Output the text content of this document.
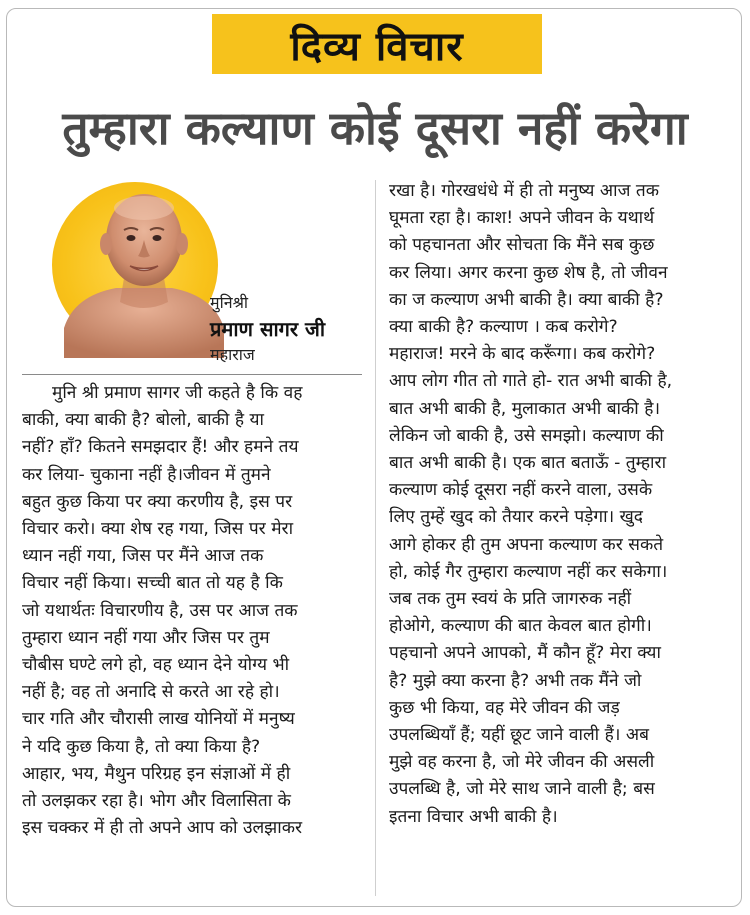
दिव्य विचार
तुम्हारा कल्याण कोई दूसरा नहीं करेगा
मुनिश्री
प्रमाण सागर जी
महाराज
मुनि श्री प्रमाण सागर जी कहते है कि वह
बाकी, क्या बाकी है? बोलो, बाकी है या
नहीं? हाँ? कितने समझदार हैं! और हमने तय
कर लिया- चुकाना नहीं है।जीवन में तुमने
बहुत कुछ किया पर क्या करणीय है, इस पर
विचार करो। क्या शेष रह गया, जिस पर मेरा
ध्यान नहीं गया, जिस पर मैंने आज तक
विचार नहीं किया। सच्ची बात तो यह है कि
जो यथार्थतः विचारणीय है, उस पर आज तक
तुम्हारा ध्यान नहीं गया और जिस पर तुम
चौबीस घण्टे लगे हो, वह ध्यान देने योग्य भी
नहीं है; वह तो अनादि से करते आ रहे हो।
चार गति और चौरासी लाख योनियों में मनुष्य
ने यदि कुछ किया है, तो क्या किया है?
आहार, भय, मैथुन परिग्रह इन संज्ञाओं में ही
तो उलझकर रहा है। भोग और विलासिता के
इस चक्कर में ही तो अपने आप को उलझाकर
रखा है। गोरखधंधे में ही तो मनुष्य आज तक
घूमता रहा है। काश! अपने जीवन के यथार्थ
को पहचानता और सोचता कि मैंने सब कुछ
कर लिया। अगर करना कुछ शेष है, तो जीवन
का ज कल्याण अभी बाकी है। क्या बाकी है?
क्या बाकी है? कल्याण । कब करोगे?
महाराज! मरने के बाद करूँगा। कब करोगे?
आप लोग गीत तो गाते हो- रात अभी बाकी है,
बात अभी बाकी है, मुलाकात अभी बाकी है।
लेकिन जो बाकी है, उसे समझो। कल्याण की
बात अभी बाकी है। एक बात बताऊँ - तुम्हारा
कल्याण कोई दूसरा नहीं करने वाला, उसके
लिए तुम्हें खुद को तैयार करने पड़ेगा। खुद
आगे होकर ही तुम अपना कल्याण कर सकते
हो, कोई गैर तुम्हारा कल्याण नहीं कर सकेगा।
जब तक तुम स्वयं के प्रति जागरुक नहीं
होओगे, कल्याण की बात केवल बात होगी।
पहचानो अपने आपको, मैं कौन हूँ? मेरा क्या
है? मुझे क्या करना है? अभी तक मैंने जो
कुछ भी किया, वह मेरे जीवन की जड़
उपलब्धियाँ हैं; यहीं छूट जाने वाली हैं। अब
मुझे वह करना है, जो मेरे जीवन की असली
उपलब्धि है, जो मेरे साथ जाने वाली है; बस
इतना विचार अभी बाकी है।
